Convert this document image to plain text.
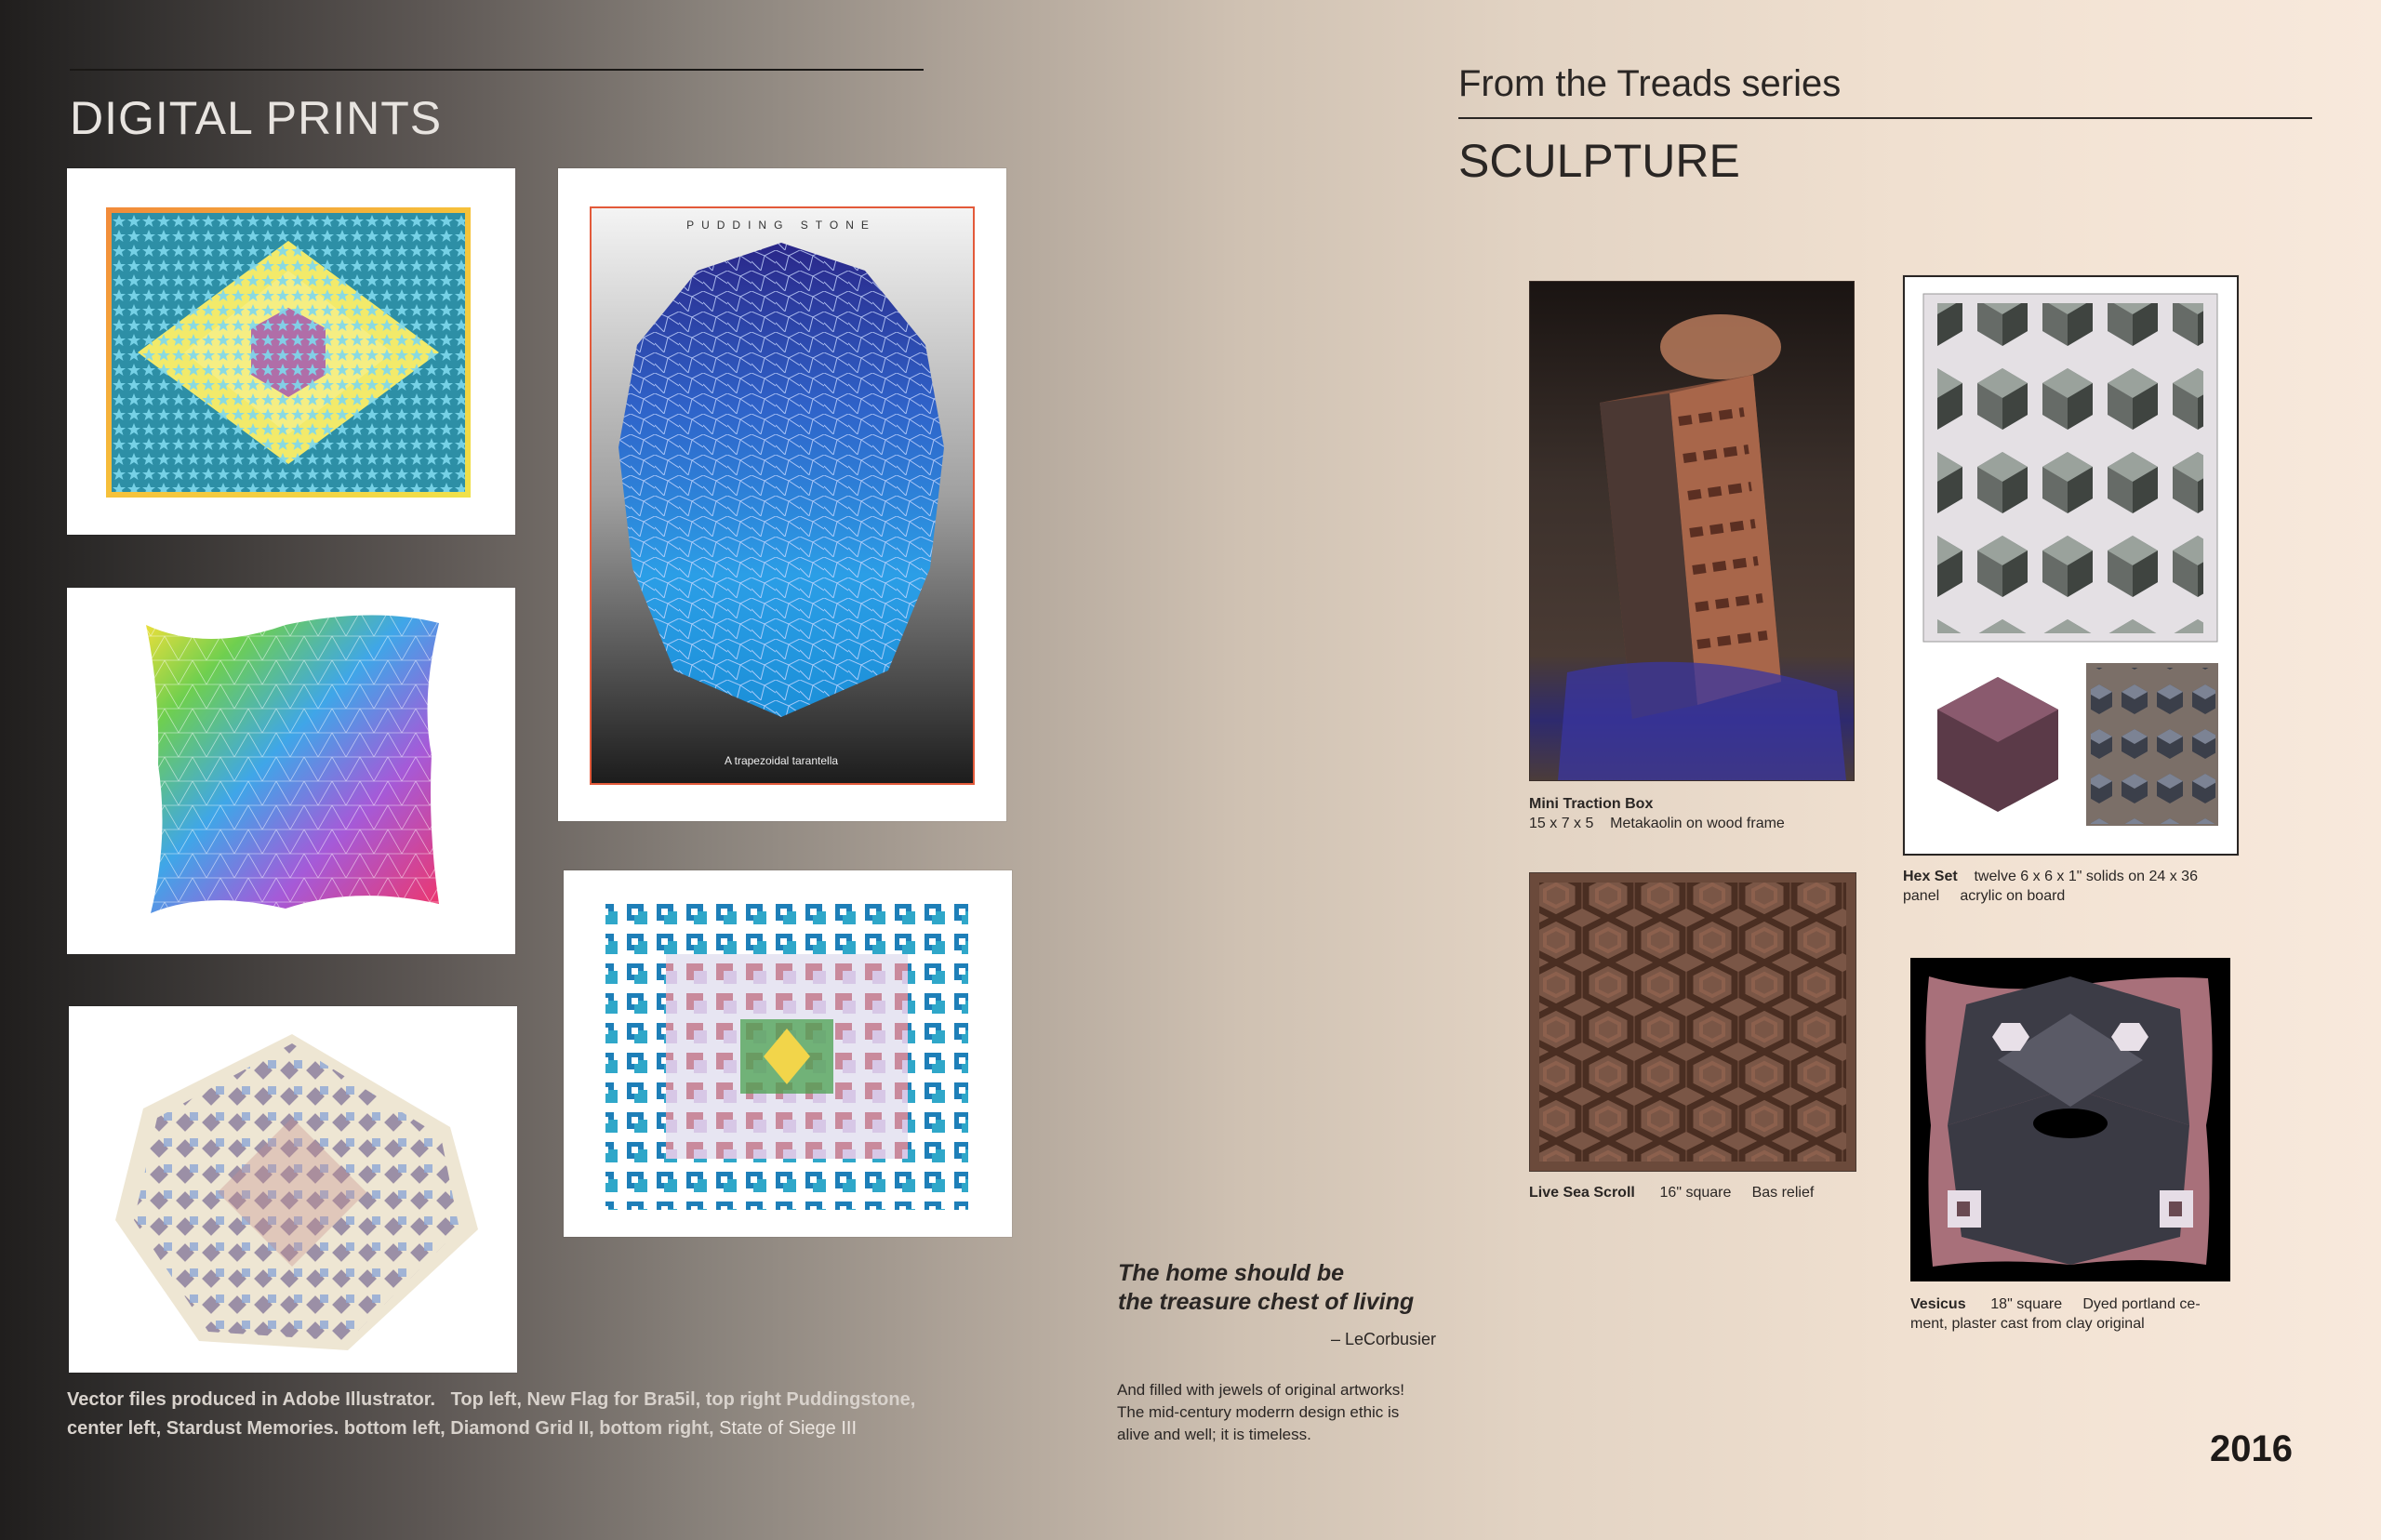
DIGITAL PRINTS
PUDDING STONE
A trapezoidal tarantella
Vector files produced in Adobe Illustrator.   Top left, New Flag for Bra5il, top right Puddingstone,
center left, Stardust Memories. bottom left, Diamond Grid II, bottom right, State of Siege III
The home should be
the treasure chest of living
– LeCorbusier
And filled with jewels of original artworks!
The mid-century moderrn design ethic is
alive and well; it is timeless.
From the Treads series
SCULPTURE
Mini Traction Box
15 x 7 x 5    Metakaolin on wood frame
Hex Set twelve 6 x 6 x 1" solids on 24 x 36
panel     acrylic on board
Live Sea Scroll 16" square     Bas relief
Vesicus 18" square     Dyed portland ce-
ment, plaster cast from clay original
2016
